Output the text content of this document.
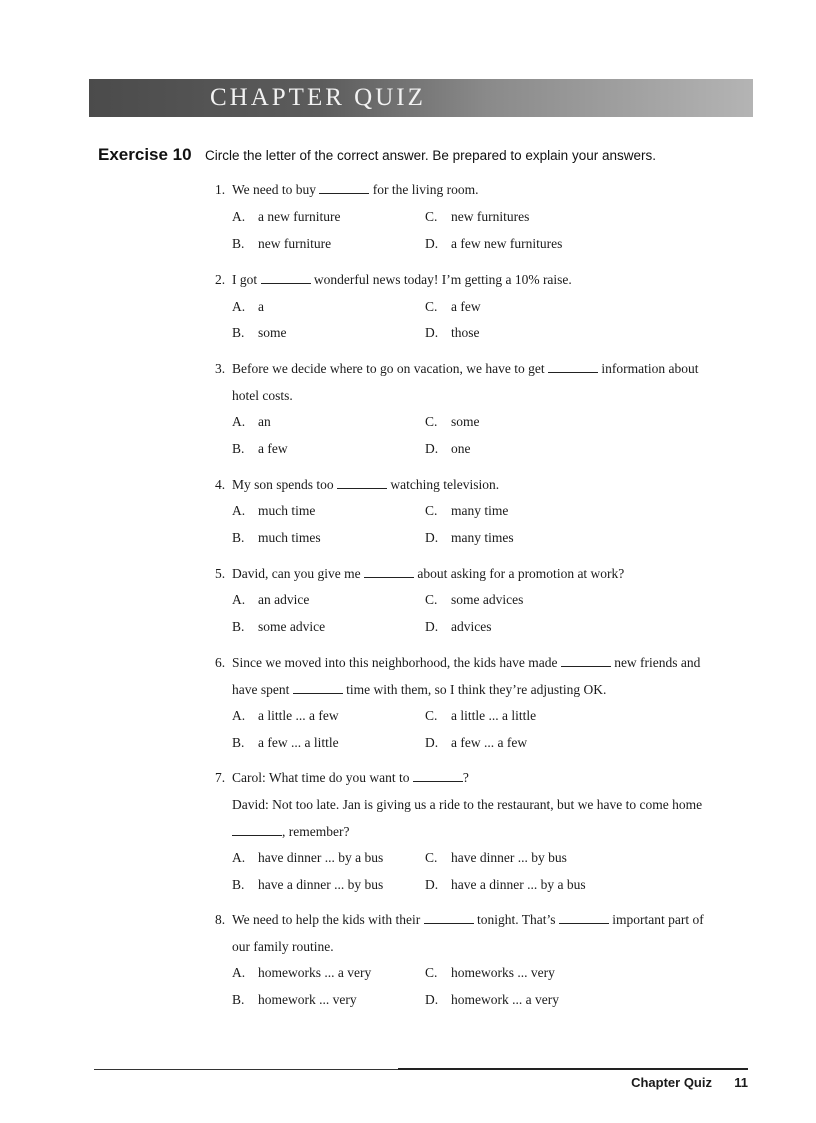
CHAPTER QUIZ
Exercise 10 Circle the letter of the correct answer. Be prepared to explain your answers.
1. We need to buy	for the living room.
A. a new furniture	C. new furnitures
B. new furniture	D. a few new furnitures
2. I got	wonderful news today! I’m getting a 10% raise.
A. a	C. a few
B. some	D. those
3. Before we decide where to go on vacation, we have to get	information about
hotel costs.
A. an	C. some
B. a few	D. one
4. My son spends too	watching television.
A. much time	C. many time
B. much times	D. many times
5. David, can you give me	about asking for a promotion at work?
A. an advice	C. some advices
B. some advice	D. advices
6. Since we moved into this neighborhood, the kids have made	new friends and
have spent	time with them, so I think they’re adjusting OK.
A. a little ... a few	C. a little ... a little
B. a few ... a little	D. a few ... a few
7. Carol: What time do you want to	?
David: Not too late. Jan is giving us a ride to the restaurant, but we have to come home
, remember?
A. have dinner ... by a bus	C. have dinner ... by bus
B. have a dinner ... by bus	D. have a dinner ... by a bus
8. We need to help the kids with their	tonight. That’s	important part of
our family routine.
A. homeworks ... a very	C. homeworks ... very
B. homework ... very	D. homework ... a very
Chapter Quiz 11
